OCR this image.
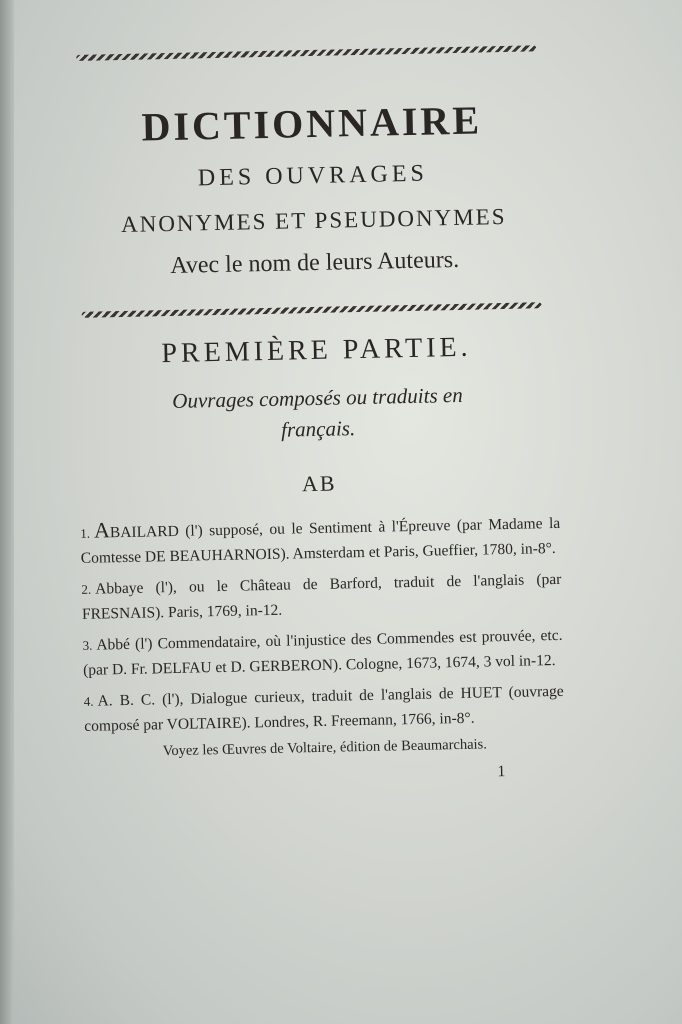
DICTIONNAIRE
DES OUVRAGES
ANONYMES ET PSEUDONYMES
Avec le nom de leurs Auteurs.
PREMIÈRE PARTIE.
Ouvrages composés ou traduits en
français.
AB
1. ABAILARD (l') supposé, ou le Sentiment à l'Épreuve (par Madame la Comtesse DE BEAUHARNOIS). Amsterdam et Paris, Gueffier, 1780, in-8°.
2. Abbaye (l'), ou le Château de Barford, traduit de l'anglais (par FRESNAIS). Paris, 1769, in-12.
3. Abbé (l') Commendataire, où l'injustice des Commendes est prouvée, etc. (par D. Fr. DELFAU et D. GERBERON). Cologne, 1673, 1674, 3 vol in-12.
4. A. B. C. (l'), Dialogue curieux, traduit de l'anglais de HUET (ouvrage composé par VOLTAIRE). Londres, R. Freemann, 1766, in-8°.
Voyez les Œuvres de Voltaire, édition de Beaumarchais.
1
